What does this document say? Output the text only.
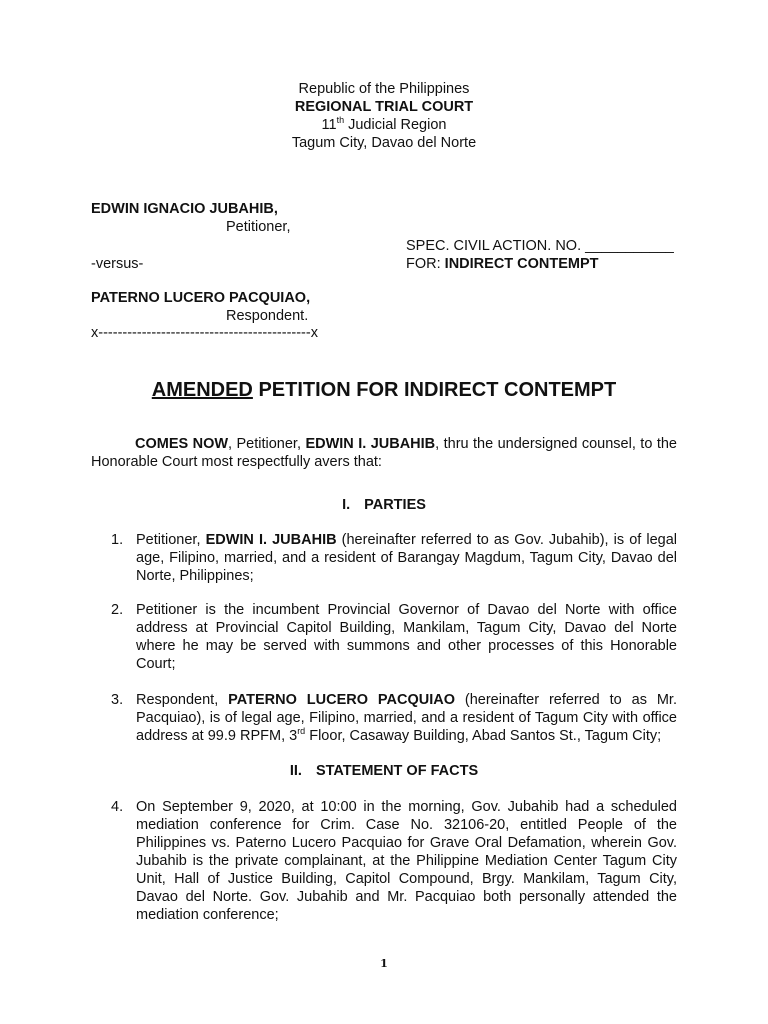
Republic of the Philippines
REGIONAL TRIAL COURT
11th Judicial Region
Tagum City, Davao del Norte
EDWIN IGNACIO JUBAHIB,
Petitioner,
SPEC. CIVIL ACTION. NO. ___________
-versus-	FOR: INDIRECT CONTEMPT
PATERNO LUCERO PACQUIAO,
Respondent.
x--------------------------------------------x
AMENDED PETITION FOR INDIRECT CONTEMPT
COMES NOW, Petitioner, EDWIN I. JUBAHIB, thru the undersigned counsel, to the Honorable Court most respectfully avers that:
I. PARTIES
1. Petitioner, EDWIN I. JUBAHIB (hereinafter referred to as Gov. Jubahib), is of legal age, Filipino, married, and a resident of Barangay Magdum, Tagum City, Davao del Norte, Philippines;
2. Petitioner is the incumbent Provincial Governor of Davao del Norte with office address at Provincial Capitol Building, Mankilam, Tagum City, Davao del Norte where he may be served with summons and other processes of this Honorable Court;
3. Respondent, PATERNO LUCERO PACQUIAO (hereinafter referred to as Mr. Pacquiao), is of legal age, Filipino, married, and a resident of Tagum City with office address at 99.9 RPFM, 3rd Floor, Casaway Building, Abad Santos St., Tagum City;
II. STATEMENT OF FACTS
4. On September 9, 2020, at 10:00 in the morning, Gov. Jubahib had a scheduled mediation conference for Crim. Case No. 32106-20, entitled People of the Philippines vs. Paterno Lucero Pacquiao for Grave Oral Defamation, wherein Gov. Jubahib is the private complainant, at the Philippine Mediation Center Tagum City Unit, Hall of Justice Building, Capitol Compound, Brgy. Mankilam, Tagum City, Davao del Norte. Gov. Jubahib and Mr. Pacquiao both personally attended the mediation conference;
1
